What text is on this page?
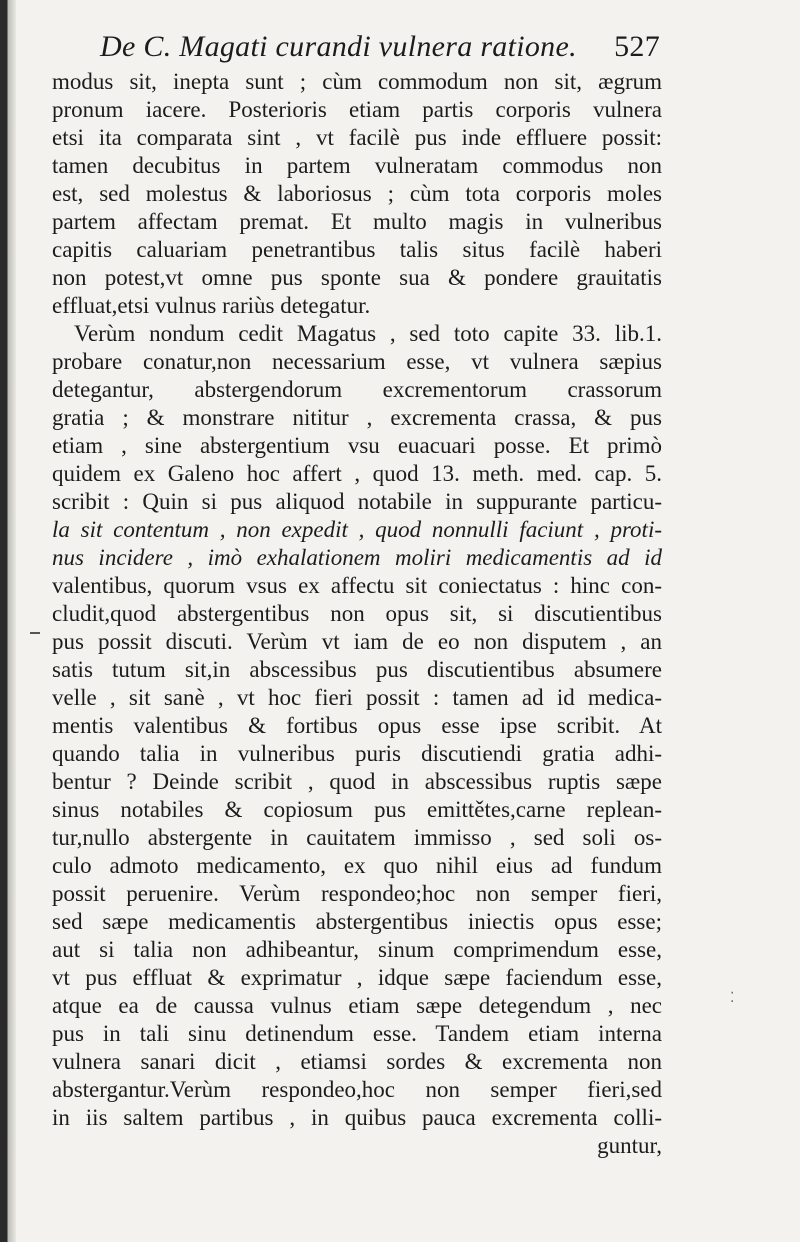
De C. Magati curandi vulnera ratione. 527
modus sit, inepta sunt ; cùm commodum non sit, ægrum
pronum iacere. Posterioris etiam partis corporis vulnera
etsi ita comparata sint , vt facilè pus inde effluere possit:
tamen decubitus in partem vulneratam commodus non
est, sed molestus & laboriosus ; cùm tota corporis moles
partem affectam premat. Et multo magis in vulneribus
capitis caluariam penetrantibus talis situs facilè haberi
non potest,vt omne pus sponte sua & pondere grauitatis
effluat,etsi vulnus rariùs detegatur.
Verùm nondum cedit Magatus , sed toto capite 33. lib.1.
probare conatur,non necessarium esse, vt vulnera sæpius
detegantur, abstergendorum excrementorum crassorum
gratia ; & monstrare nititur , excrementa crassa, & pus
etiam , sine abstergentium vsu euacuari posse. Et primò
quidem ex Galeno hoc affert , quod 13. meth. med. cap. 5.
scribit : Quin si pus aliquod notabile in suppurante particu-
la sit contentum , non expedit , quod nonnulli faciunt , proti-
nus incidere , imò exhalationem moliri medicamentis ad id
valentibus, quorum vsus ex affectu sit coniectatus : hinc con-
cludit,quod abstergentibus non opus sit, si discutientibus
pus possit discuti. Verùm vt iam de eo non disputem , an
satis tutum sit,in abscessibus pus discutientibus absumere
velle , sit sanè , vt hoc fieri possit : tamen ad id medica-
mentis valentibus & fortibus opus esse ipse scribit. At
quando talia in vulneribus puris discutiendi gratia adhi-
bentur ? Deinde scribit , quod in abscessibus ruptis sæpe
sinus notabiles & copiosum pus emittětes,carne replean-
tur,nullo abstergente in cauitatem immisso , sed soli os-
culo admoto medicamento, ex quo nihil eius ad fundum
possit peruenire. Verùm respondeo;hoc non semper fieri,
sed sæpe medicamentis abstergentibus iniectis opus esse;
aut si talia non adhibeantur, sinum comprimendum esse,
vt pus effluat & exprimatur , idque sæpe faciendum esse,
atque ea de caussa vulnus etiam sæpe detegendum , nec
pus in tali sinu detinendum esse. Tandem etiam interna
vulnera sanari dicit , etiamsi sordes & excrementa non
abstergantur.Verùm respondeo,hoc non semper fieri,sed
in iis saltem partibus , in quibus pauca excrementa colli-
guntur,
⁚
